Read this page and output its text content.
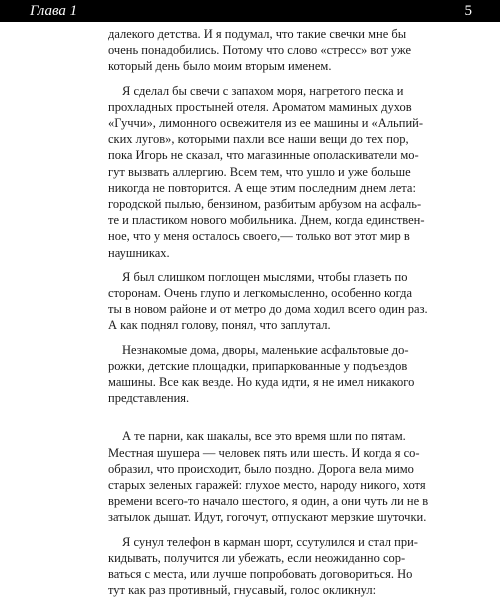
Глава 1	5
далекого детства. И я подумал, что такие свечки мне бы
очень понадобились. Потому что слово «стресс» вот уже
который день было моим вторым именем.
Я сделал бы свечи с запахом моря, нагретого песка и
прохладных простыней отеля. Ароматом маминых духов
«Гуччи», лимонного освежителя из ее машины и «Альпий-
ских лугов», которыми пахли все наши вещи до тех пор,
пока Игорь не сказал, что магазинные ополаскиватели мо-
гут вызвать аллергию. Всем тем, что ушло и уже больше
никогда не повторится. А еще этим последним днем лета:
городской пылью, бензином, разбитым арбузом на асфаль-
те и пластиком нового мобильника. Днем, когда единствен-
ное, что у меня осталось своего,— только вот этот мир в
наушниках.
Я был слишком поглощен мыслями, чтобы глазеть по
сторонам. Очень глупо и легкомысленно, особенно когда
ты в новом районе и от метро до дома ходил всего один раз.
А как поднял голову, понял, что заплутал.
Незнакомые дома, дворы, маленькие асфальтовые до-
рожки, детские площадки, припаркованные у подъездов
машины. Все как везде. Но куда идти, я не имел никакого
представления.
А те парни, как шакалы, все это время шли по пятам.
Местная шушера — человек пять или шесть. И когда я со-
образил, что происходит, было поздно. Дорога вела мимо
старых зеленых гаражей: глухое место, народу никого, хотя
времени всего-то начало шестого, я один, а они чуть ли не в
затылок дышат. Идут, гогочут, отпускают мерзкие шуточки.
Я сунул телефон в карман шорт, ссутулился и стал при-
кидывать, получится ли убежать, если неожиданно сор-
ваться с места, или лучше попробовать договориться. Но
тут как раз противный, гнусавый, голос окликнул:
